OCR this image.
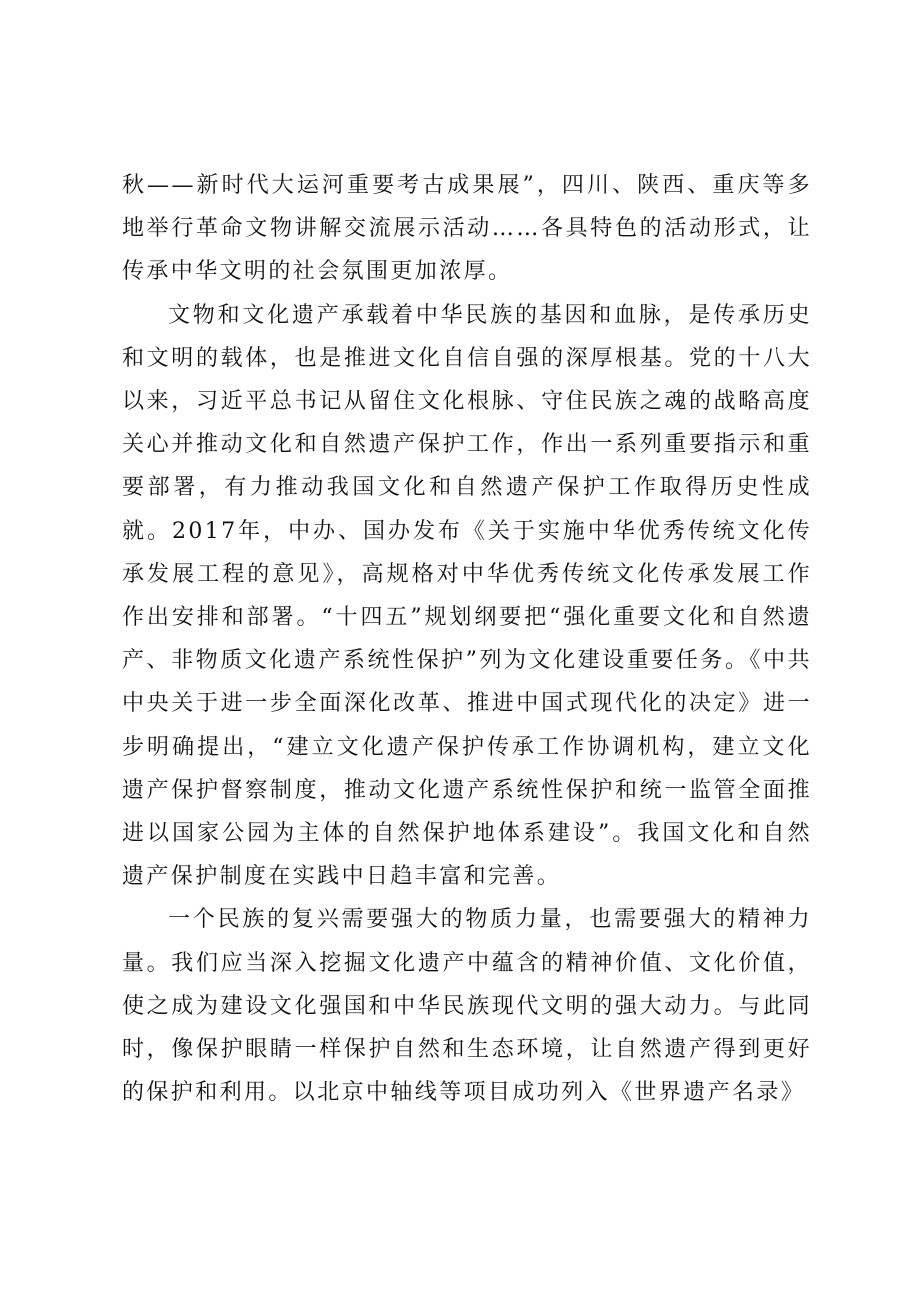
秋——新时代大运河重要考古成果展”，四川、陕西、重庆等多地举行革命文物讲解交流展示活动……各具特色的活动形式，让传承中华文明的社会氛围更加浓厚。

文物和文化遗产承载着中华民族的基因和血脉，是传承历史和文明的载体，也是推进文化自信自强的深厚根基。党的十八大以来，习近平总书记从留住文化根脉、守住民族之魂的战略高度关心并推动文化和自然遗产保护工作，作出一系列重要指示和重要部署，有力推动我国文化和自然遗产保护工作取得历史性成就。2017年，中办、国办发布《关于实施中华优秀传统文化传承发展工程的意见》，高规格对中华优秀传统文化传承发展工作作出安排和部署。“十四五”规划纲要把“强化重要文化和自然遗产、非物质文化遗产系统性保护”列为文化建设重要任务。《中共中央关于进一步全面深化改革、推进中国式现代化的决定》进一步明确提出，“建立文化遗产保护传承工作协调机构，建立文化遗产保护督察制度，推动文化遗产系统性保护和统一监管全面推进以国家公园为主体的自然保护地体系建设”。我国文化和自然遗产保护制度在实践中日趋丰富和完善。

一个民族的复兴需要强大的物质力量，也需要强大的精神力量。我们应当深入挖掘文化遗产中蕴含的精神价值、文化价值，使之成为建设文化强国和中华民族现代文明的强大动力。与此同时，像保护眼睛一样保护自然和生态环境，让自然遗产得到更好的保护和利用。以北京中轴线等项目成功列入《世界遗产名录》
